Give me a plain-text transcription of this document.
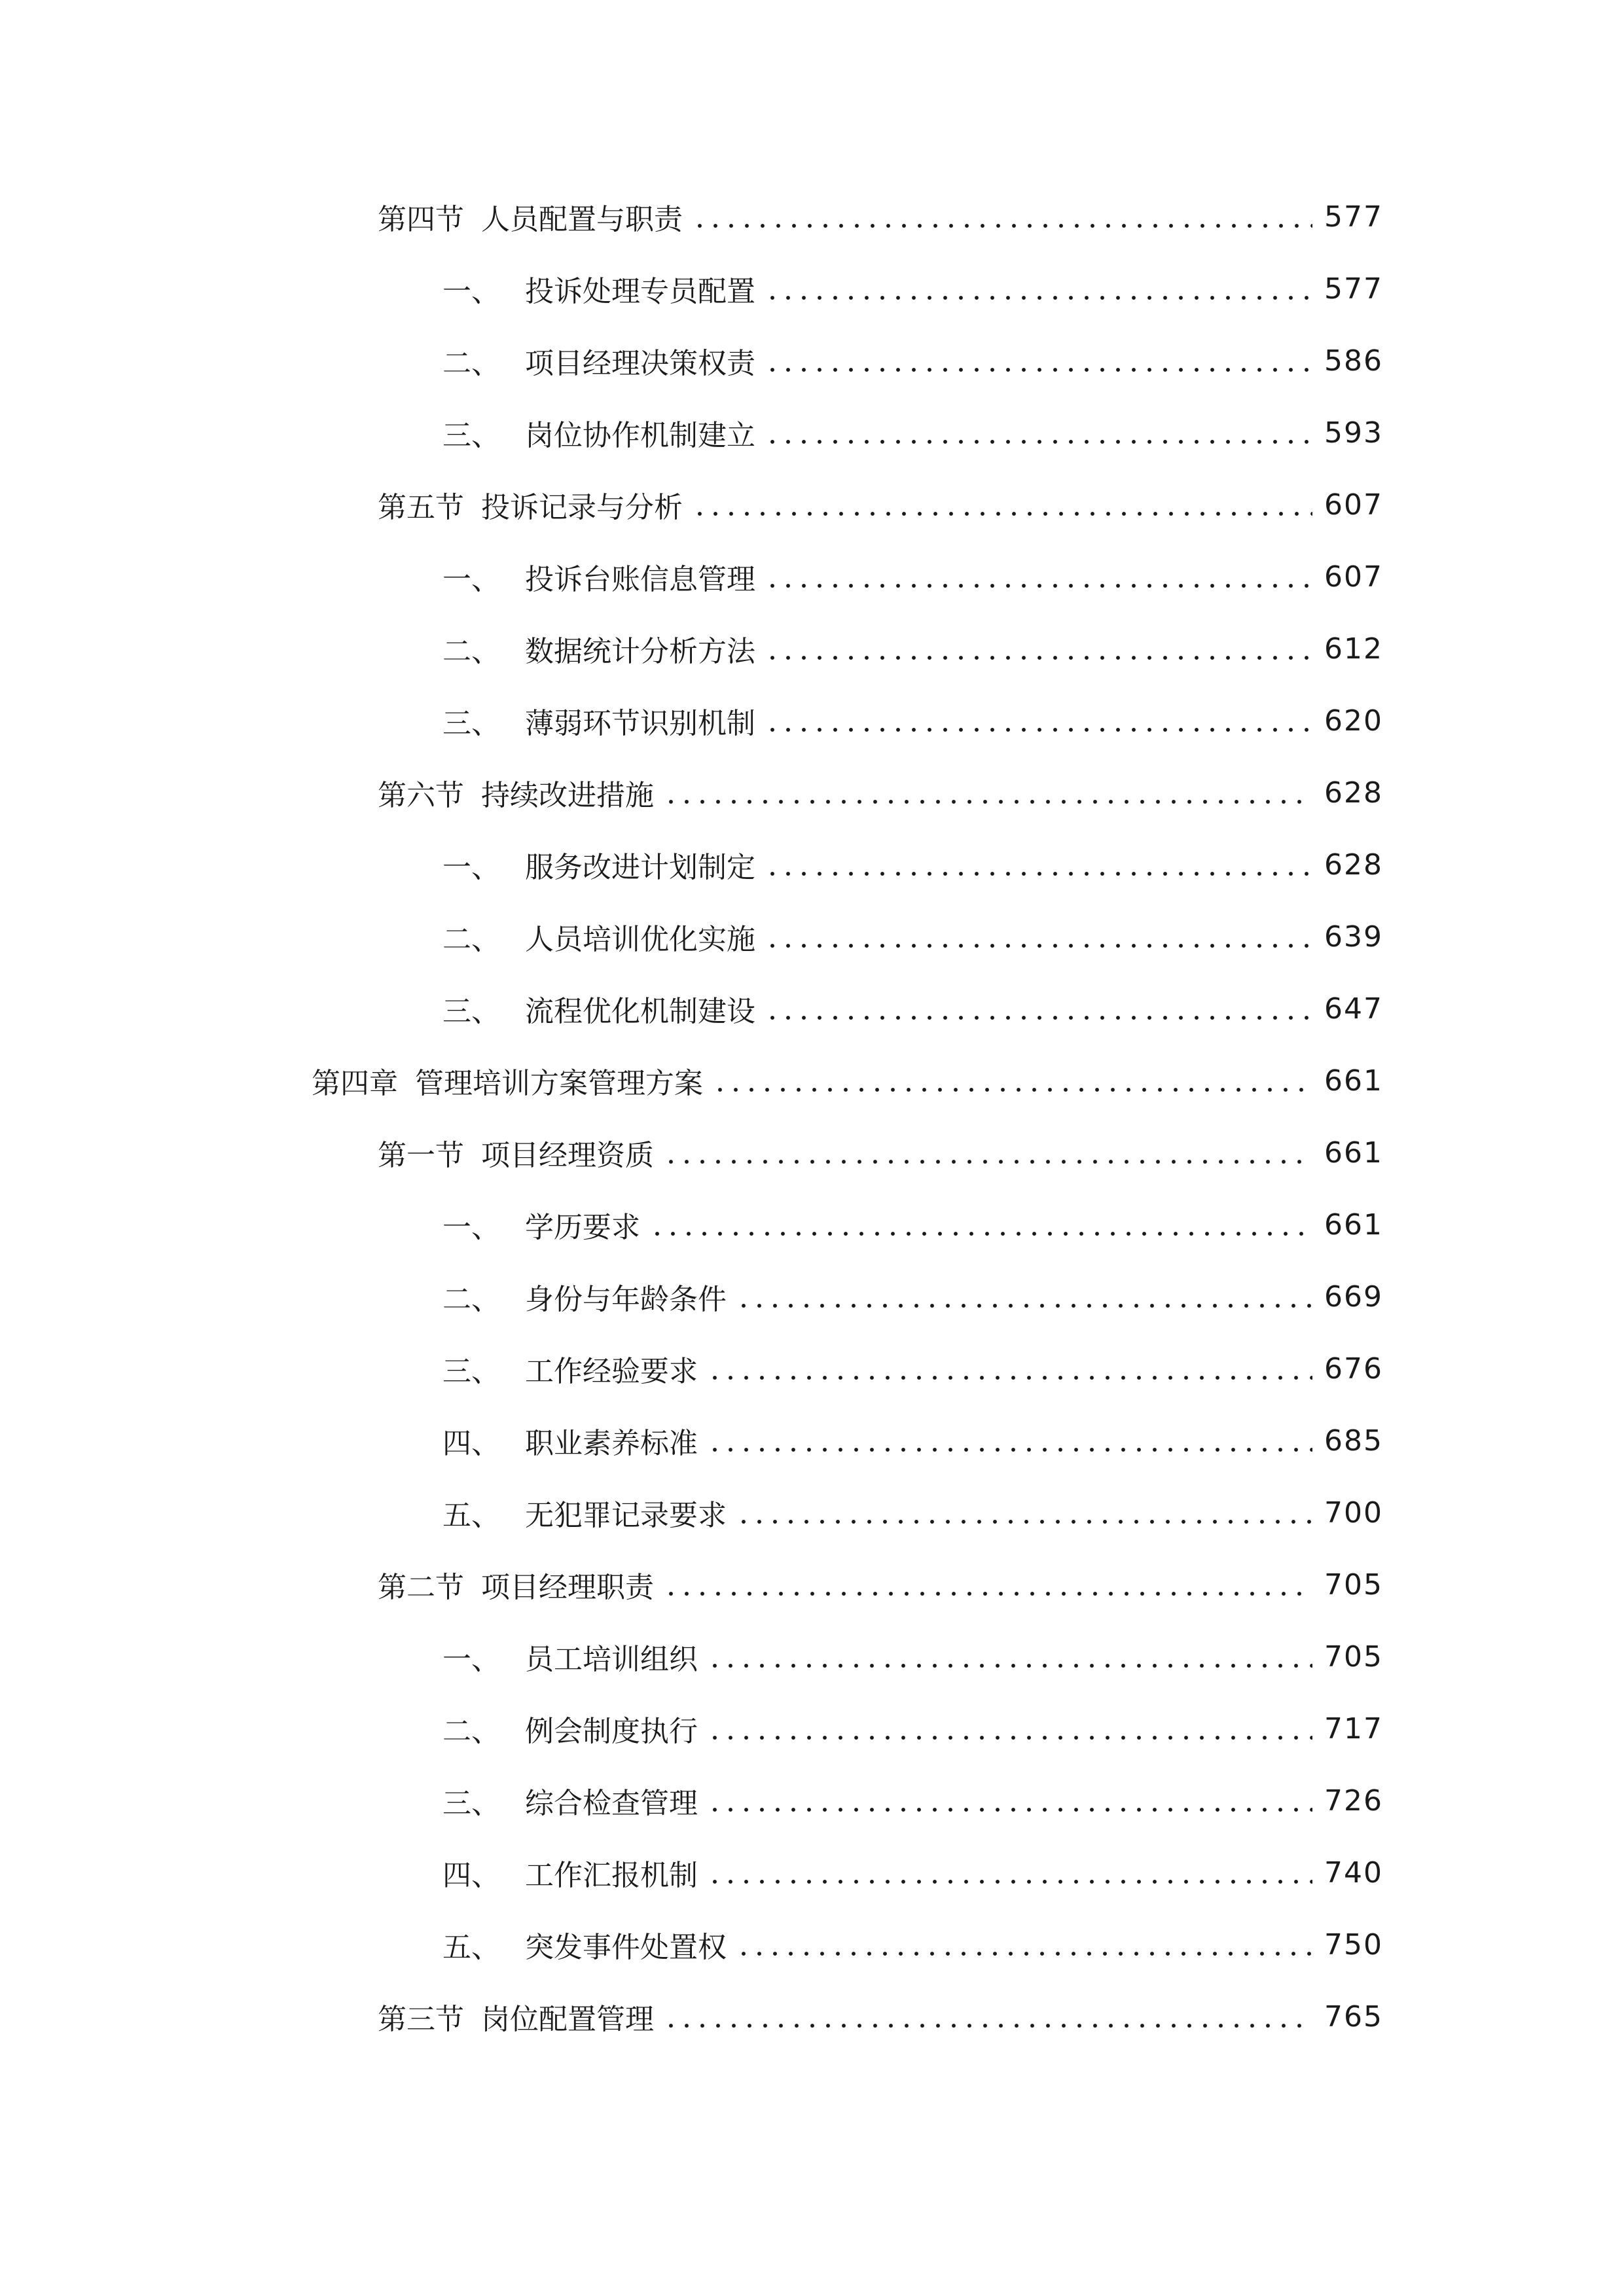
第四节 人员配置与职责	577
一、 投诉处理专员配置	577
二、 项目经理决策权责	586
三、 岗位协作机制建立	593
第五节 投诉记录与分析	607
一、 投诉台账信息管理	607
二、 数据统计分析方法	612
三、 薄弱环节识别机制	620
第六节 持续改进措施	628
一、 服务改进计划制定	628
二、 人员培训优化实施	639
三、 流程优化机制建设	647
第四章 管理培训方案管理方案	661
第一节 项目经理资质	661
一、 学历要求	661
二、 身份与年龄条件	669
三、 工作经验要求	676
四、 职业素养标准	685
五、 无犯罪记录要求	700
第二节 项目经理职责	705
一、 员工培训组织	705
二、 例会制度执行	717
三、 综合检查管理	726
四、 工作汇报机制	740
五、 突发事件处置权	750
第三节 岗位配置管理	765
